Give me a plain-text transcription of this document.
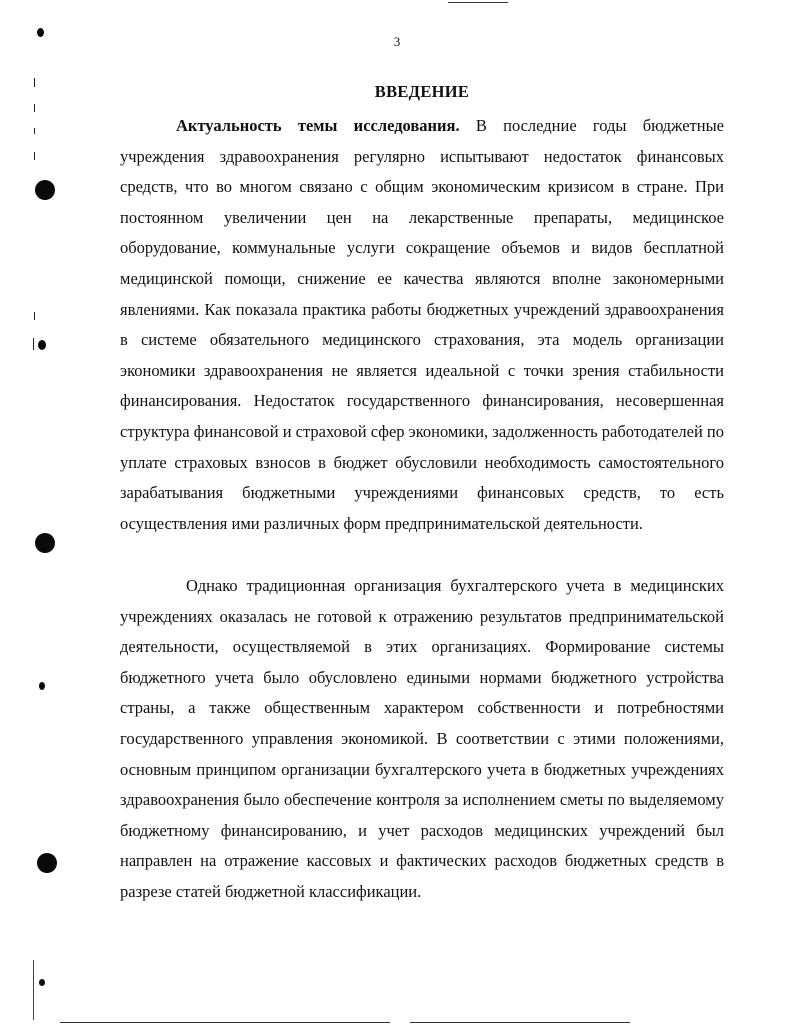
3
ВВЕДЕНИЕ

Актуальность темы исследования. В последние годы бюджетные учреждения здравоохранения регулярно испытывают недостаток финансовых средств, что во многом связано с общим экономическим кризисом в стране. При постоянном увеличении цен на лекарственные препараты, медицинское оборудование, коммунальные услуги сокращение объемов и видов бесплатной медицинской помощи, снижение ее качества являются вполне закономерными явлениями. Как показала практика работы бюджетных учреждений здравоохранения в системе обязательного медицинского страхования, эта модель организации экономики здравоохранения не является идеальной с точки зрения стабильности финансирования. Недостаток государственного финансирования, несовершенная структура финансовой и страховой сфер экономики, задолженность работодателей по уплате страховых взносов в бюджет обусловили необходимость самостоятельного зарабатывания бюджетными учреждениями финансовых средств, то есть осуществления ими различных форм предпринимательской деятельности.

Однако традиционная организация бухгалтерского учета в медицинских учреждениях оказалась не готовой к отражению результатов предпринимательской деятельности, осуществляемой в этих организациях. Формирование системы бюджетного учета было обусловлено едиными нормами бюджетного устройства страны, а также общественным характером собственности и потребностями государственного управления экономикой. В соответствии с этими положениями, основным принципом организации бухгалтерского учета в бюджетных учреждениях здравоохранения было обеспечение контроля за исполнением сметы по выделяемому бюджетному финансированию, и учет расходов медицинских учреждений был направлен на отражение кассовых и фактических расходов бюджетных средств в разрезе статей бюджетной классификации.
